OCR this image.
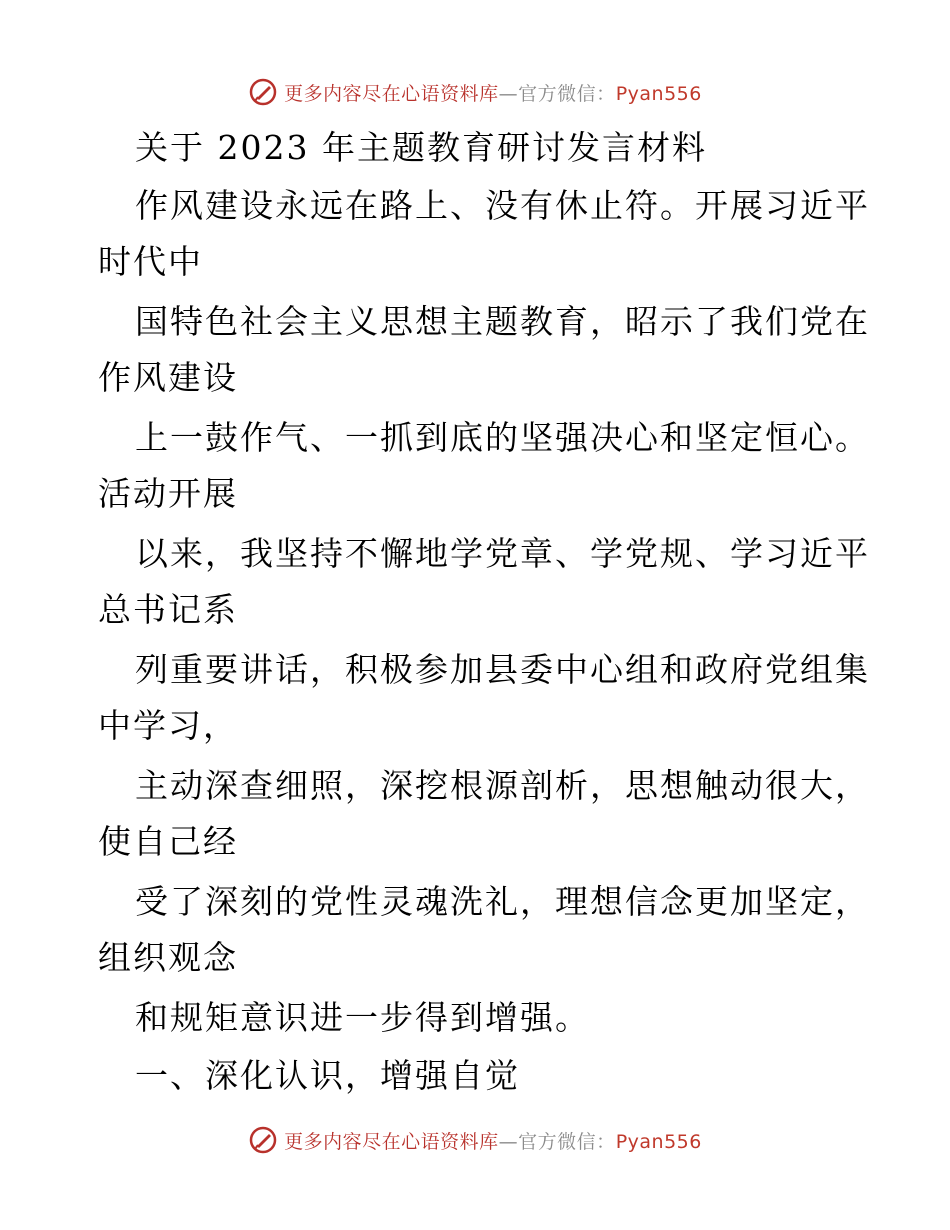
更多内容尽在心语资料库—官方微信：Pyan556
关于 2023 年主题教育研讨发言材料
作风建设永远在路上、没有休止符。开展习近平
时代中
国特色社会主义思想主题教育，昭示了我们党在
作风建设
上一鼓作气、一抓到底的坚强决心和坚定恒心。
活动开展
以来，我坚持不懈地学党章、学党规、学习近平
总书记系
列重要讲话，积极参加县委中心组和政府党组集
中学习，
主动深查细照，深挖根源剖析，思想触动很大，
使自己经
受了深刻的党性灵魂洗礼，理想信念更加坚定，
组织观念
和规矩意识进一步得到增强。
一、深化认识，增强自觉
更多内容尽在心语资料库—官方微信：Pyan556
